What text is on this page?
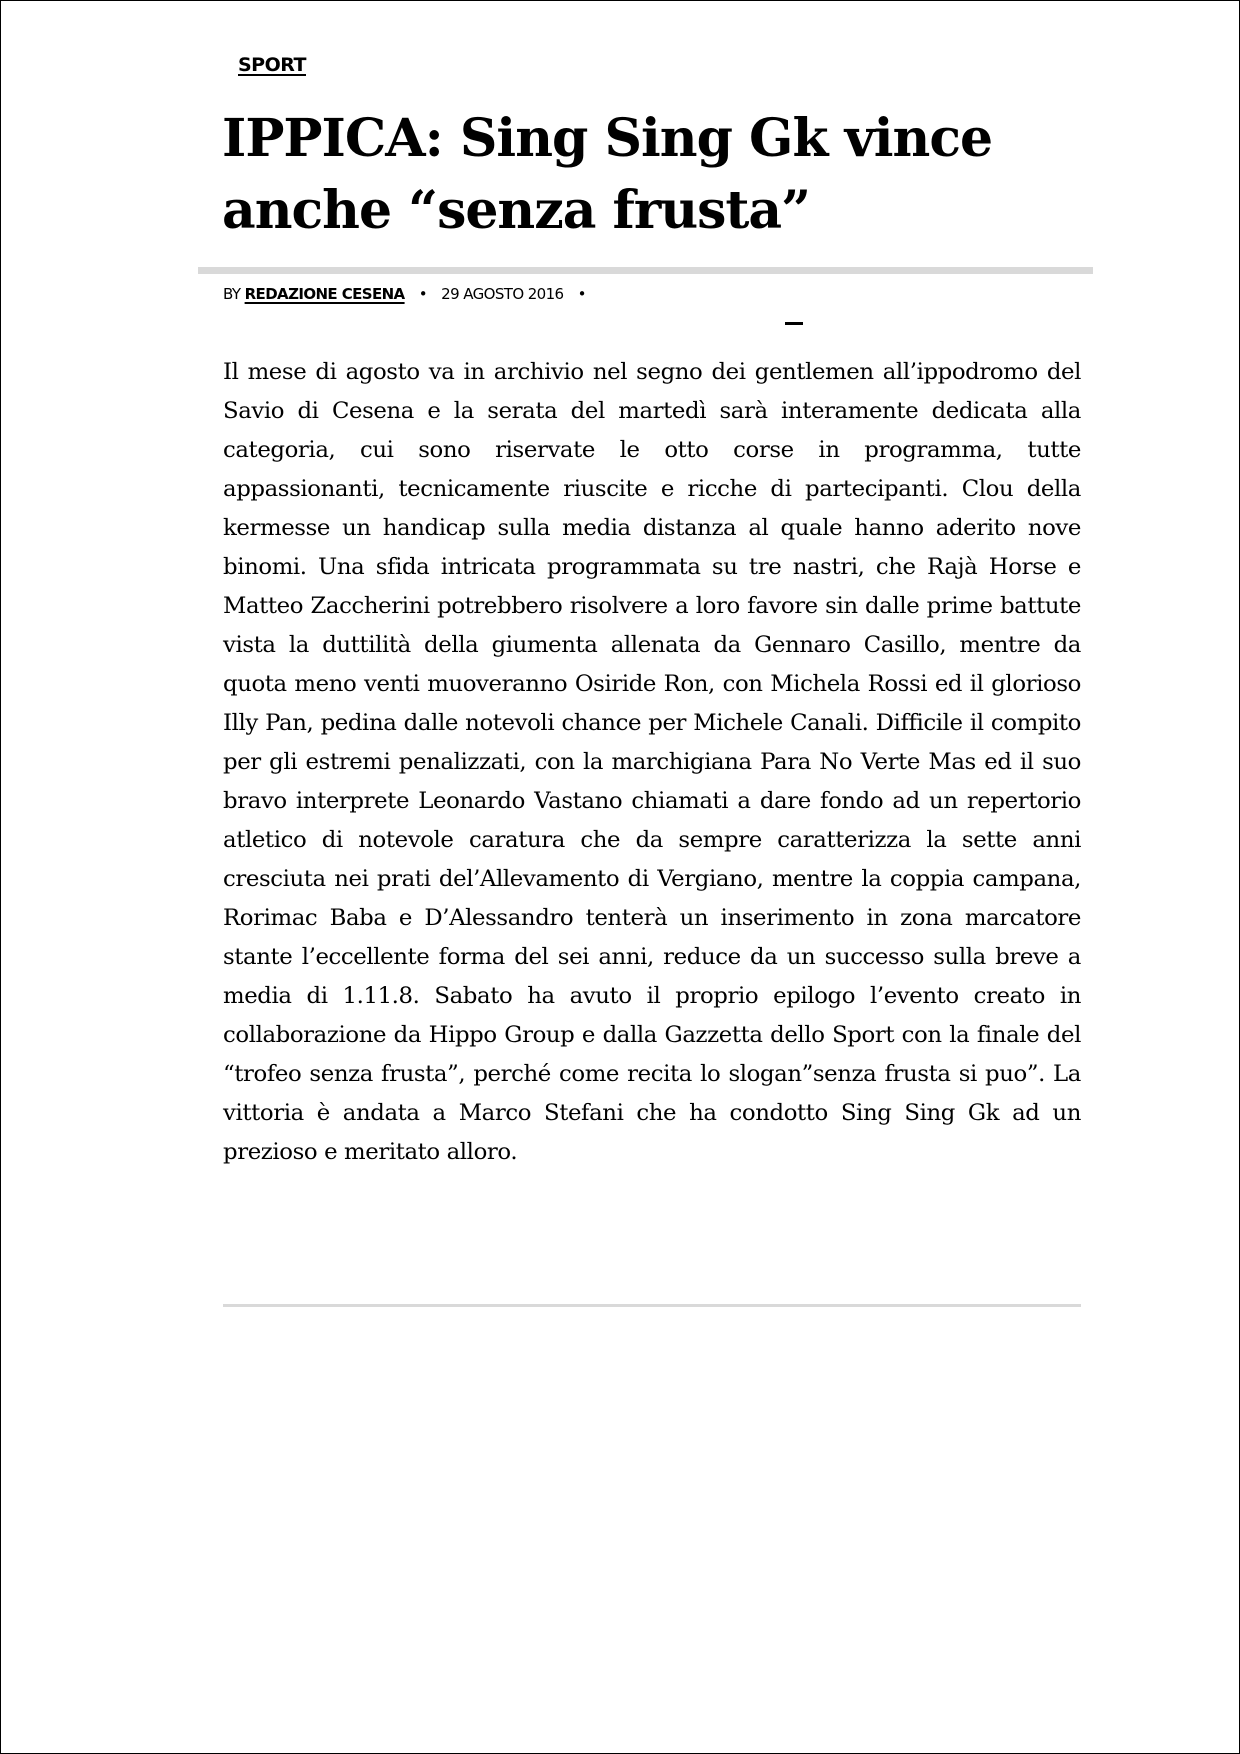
SPORT
IPPICA: Sing Sing Gk vince anche “senza frusta”
BY REDAZIONE CESENA • 29 AGOSTO 2016 •

Il mese di agosto va in archivio nel segno dei gentlemen all’ippodromo del Savio di Cesena e la serata del martedì sarà interamente dedicata alla categoria, cui sono riservate le otto corse in programma, tutte appassionanti, tecnicamente riuscite e ricche di partecipanti. Clou della kermesse un handicap sulla media distanza al quale hanno aderito nove binomi. Una sfida intricata programmata su tre nastri, che Rajà Horse e Matteo Zaccherini potrebbero risolvere a loro favore sin dalle prime battute vista la duttilità della giumenta allenata da Gennaro Casillo, mentre da quota meno venti muoveranno Osiride Ron, con Michela Rossi ed il glorioso Illy Pan, pedina dalle notevoli chance per Michele Canali. Difficile il compito per gli estremi penalizzati, con la marchigiana Para No Verte Mas ed il suo bravo interprete Leonardo Vastano chiamati a dare fondo ad un repertorio atletico di notevole caratura che da sempre caratterizza la sette anni cresciuta nei prati del’Allevamento di Vergiano, mentre la coppia campana, Rorimac Baba e D’Alessandro tenterà un inserimento in zona marcatore stante l’eccellente forma del sei anni, reduce da un successo sulla breve a media di 1.11.8. Sabato ha avuto il proprio epilogo l’evento creato in collaborazione da Hippo Group e dalla Gazzetta dello Sport con la finale del “trofeo senza frusta”, perché come recita lo slogan”senza frusta si puo”. La vittoria è andata a Marco Stefani che ha condotto Sing Sing Gk ad un prezioso e meritato alloro.
